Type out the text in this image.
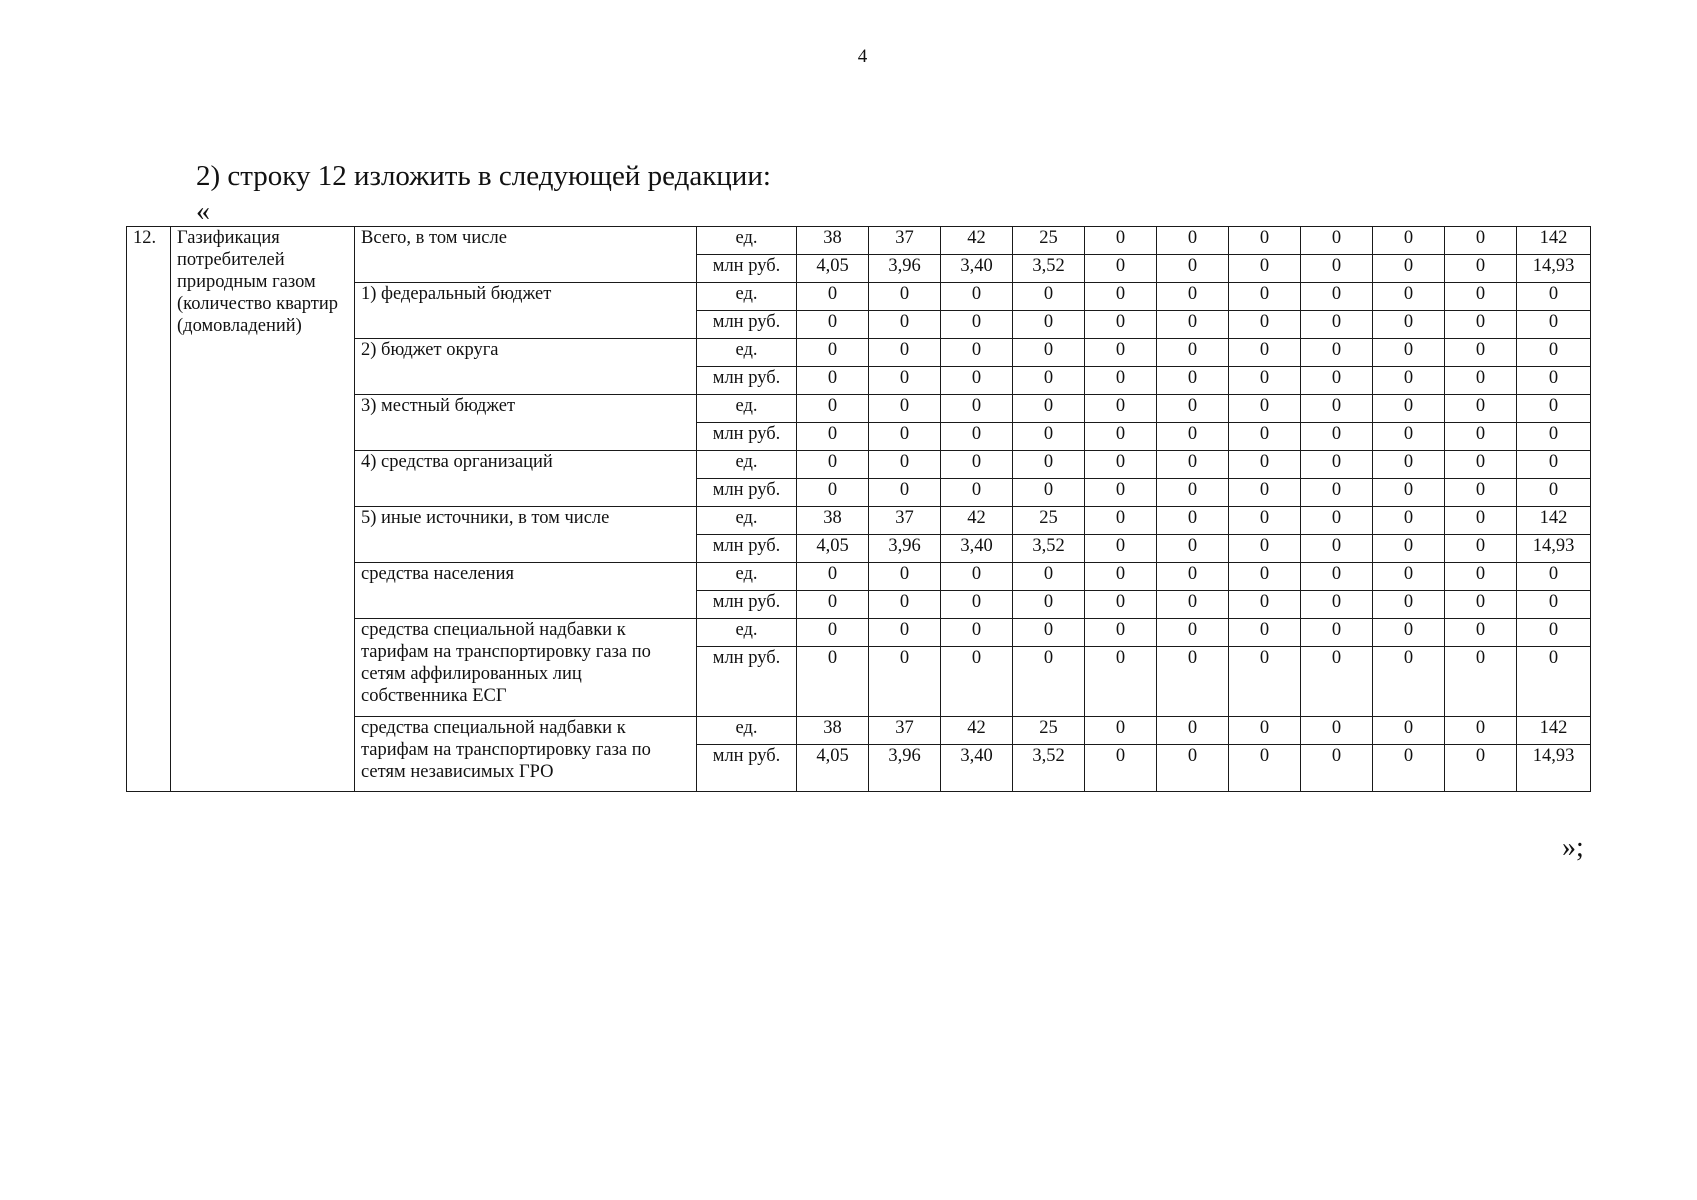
4
2) строку 12 изложить в следующей редакции:
«
12.	Газификация потребителей природным газом (количество квартир (домовладений)	Всего, в том числе	ед.	38	37	42	25	0	0	0	0	0	0	142
			млн руб.	4,05	3,96	3,40	3,52	0	0	0	0	0	0	14,93
		1) федеральный бюджет	ед.	0	0	0	0	0	0	0	0	0	0	0
			млн руб.	0	0	0	0	0	0	0	0	0	0	0
		2) бюджет округа	ед.	0	0	0	0	0	0	0	0	0	0	0
			млн руб.	0	0	0	0	0	0	0	0	0	0	0
		3) местный бюджет	ед.	0	0	0	0	0	0	0	0	0	0	0
			млн руб.	0	0	0	0	0	0	0	0	0	0	0
		4) средства организаций	ед.	0	0	0	0	0	0	0	0	0	0	0
			млн руб.	0	0	0	0	0	0	0	0	0	0	0
		5) иные источники, в том числе	ед.	38	37	42	25	0	0	0	0	0	0	142
			млн руб.	4,05	3,96	3,40	3,52	0	0	0	0	0	0	14,93
		средства населения	ед.	0	0	0	0	0	0	0	0	0	0	0
			млн руб.	0	0	0	0	0	0	0	0	0	0	0
		средства специальной надбавки к тарифам на транспортировку газа по сетям аффилированных лиц собственника ЕСГ	ед.	0	0	0	0	0	0	0	0	0	0	0
			млн руб.	0	0	0	0	0	0	0	0	0	0	0
		средства специальной надбавки к тарифам на транспортировку газа по сетям независимых ГРО	ед.	38	37	42	25	0	0	0	0	0	0	142
			млн руб.	4,05	3,96	3,40	3,52	0	0	0	0	0	0	14,93
»;
